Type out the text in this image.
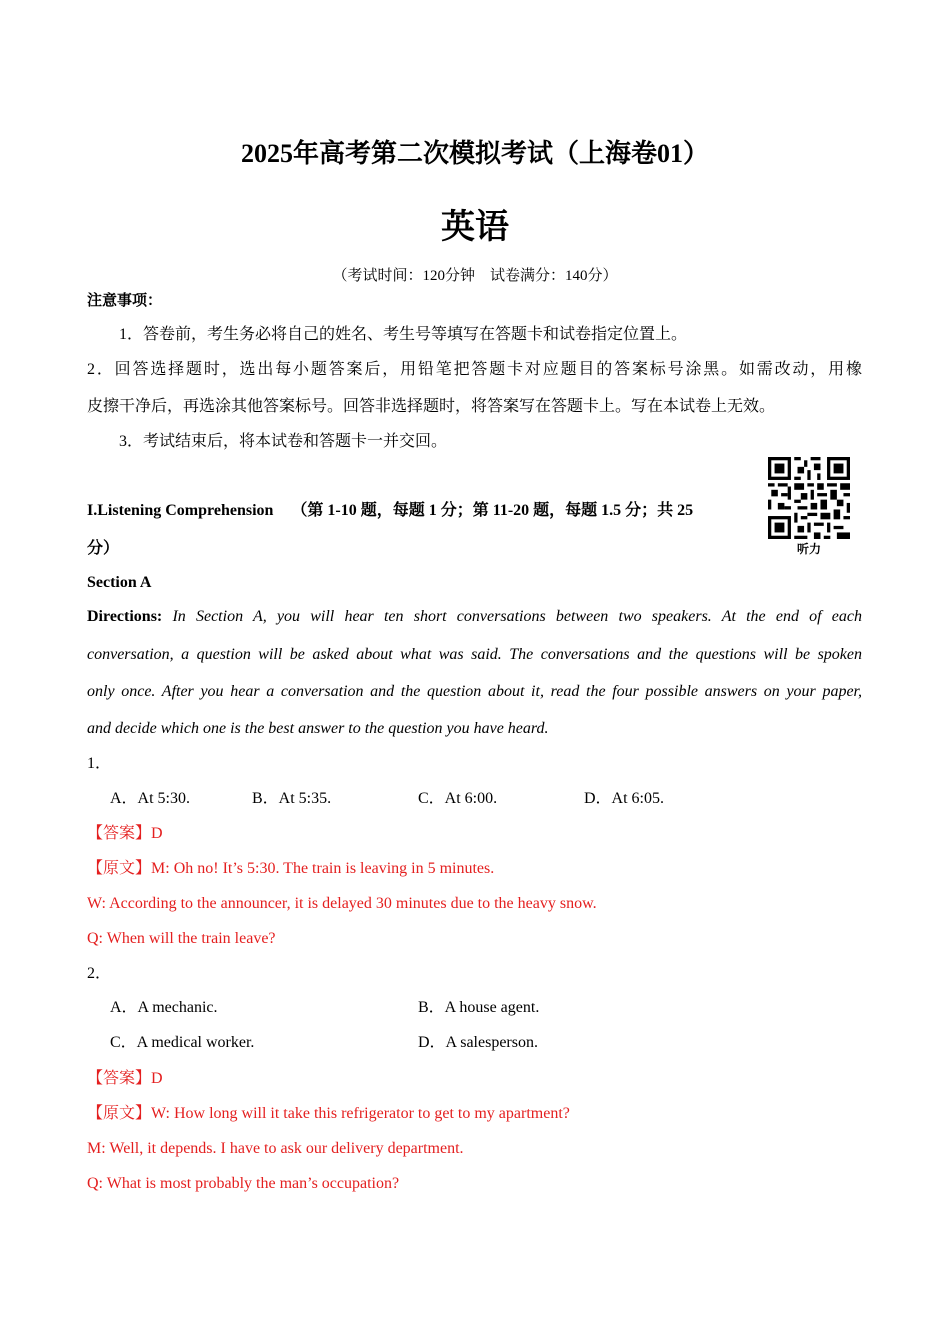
2025年高考第二次模拟考试（上海卷01）
英语
（考试时间：120分钟　试卷满分：140分）
注意事项：
1．答卷前，考生务必将自己的姓名、考生号等填写在答题卡和试卷指定位置上。
2．回答选择题时，选出每小题答案后，用铅笔把答题卡对应题目的答案标号涂黑。如需改动，用橡
皮擦干净后，再选涂其他答案标号。回答非选择题时，将答案写在答题卡上。写在本试卷上无效。
3．考试结束后，将本试卷和答题卡一并交回。
I.Listening Comprehension （第 1-10 题，每题 1 分；第 11-20 题，每题 1.5 分；共 25
分）	听力
Section A
Directions: In Section A, you will hear ten short conversations between two speakers. At the end of each
conversation, a question will be asked about what was said. The conversations and the questions will be spoken
only once. After you hear a conversation and the question about it, read the four possible answers on your paper,
and decide which one is the best answer to the question you have heard.
1．
A．At 5:30.	B．At 5:35.	C．At 6:00.	D．At 6:05.
【答案】D
【原文】M: Oh no! It’s 5:30. The train is leaving in 5 minutes.
W: According to the announcer, it is delayed 30 minutes due to the heavy snow.
Q: When will the train leave?
2．
A．A mechanic.	B．A house agent.
C．A medical worker.	D．A salesperson.
【答案】D
【原文】W: How long will it take this refrigerator to get to my apartment?
M: Well, it depends. I have to ask our delivery department.
Q: What is most probably the man’s occupation?
